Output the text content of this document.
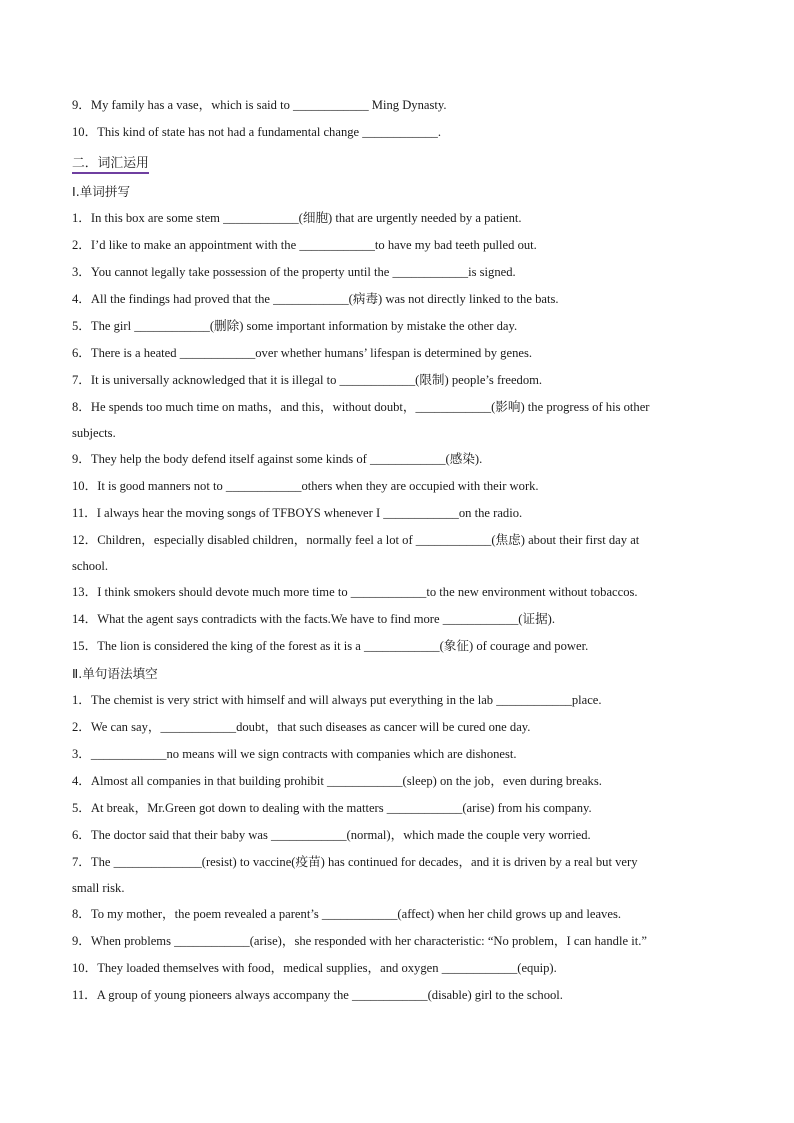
9．My family has a vase，which is said to ____________ Ming Dynasty.
10．This kind of state has not had a fundamental change ____________.
二．词汇运用
Ⅰ.单词拼写
1．In this box are some stem ____________(细胞) that are urgently needed by a patient.
2．I’d like to make an appointment with the ____________to have my bad teeth pulled out.
3．You cannot legally take possession of the property until the ____________is signed.
4．All the findings had proved that the ____________(病毒) was not directly linked to the bats.
5．The girl ____________(删除) some important information by mistake the other day.
6．There is a heated ____________over whether humans’ lifespan is determined by genes.
7．It is universally acknowledged that it is illegal to ____________(限制) people’s freedom.
8．He spends too much time on maths，and this，without doubt，____________(影响) the progress of his other
subjects.
9．They help the body defend itself against some kinds of ____________(感染).
10．It is good manners not to ____________others when they are occupied with their work.
11．I always hear the moving songs of TFBOYS whenever I ____________on the radio.
12．Children，especially disabled children，normally feel a lot of ____________(焦虑) about their first day at
school.
13．I think smokers should devote much more time to ____________to the new environment without tobaccos.
14．What the agent says contradicts with the facts.We have to find more ____________(证据).
15．The lion is considered the king of the forest as it is a ____________(象征) of courage and power.
Ⅱ.单句语法填空
1．The chemist is very strict with himself and will always put everything in the lab ____________place.
2．We can say，____________doubt，that such diseases as cancer will be cured one day.
3．____________no means will we sign contracts with companies which are dishonest.
4．Almost all companies in that building prohibit ____________(sleep) on the job，even during breaks.
5．At break，Mr.Green got down to dealing with the matters ____________(arise) from his company.
6．The doctor said that their baby was ____________(normal)，which made the couple very worried.
7．The ______________(resist) to vaccine(疫苗) has continued for decades，and it is driven by a real but very
small risk.
8．To my mother，the poem revealed a parent’s ____________(affect) when her child grows up and leaves.
9．When problems ____________(arise)，she responded with her characteristic: “No problem，I can handle it.”
10．They loaded themselves with food，medical supplies，and oxygen ____________(equip).
11．A group of young pioneers always accompany the ____________(disable) girl to the school.
